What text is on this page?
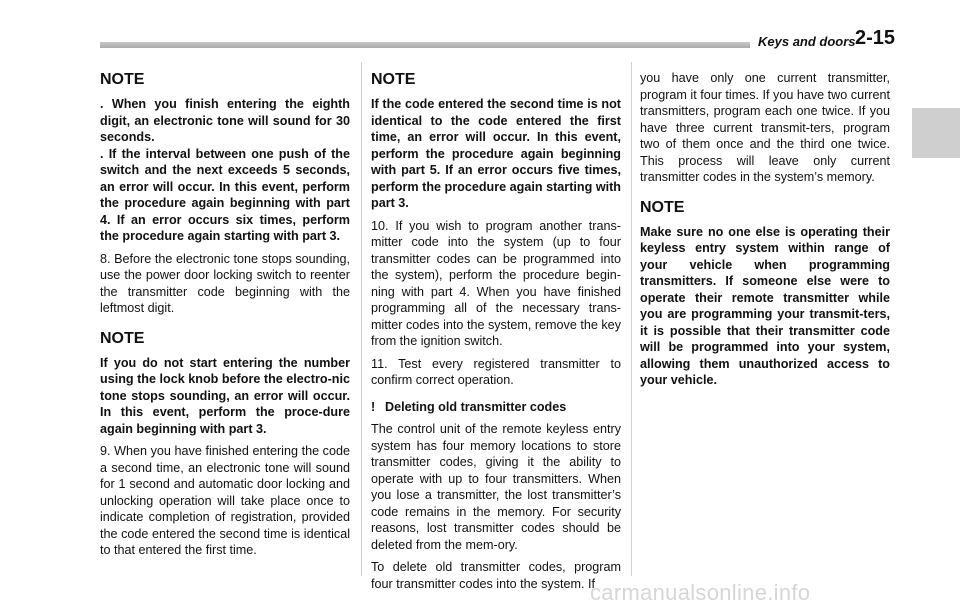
Keys and doors 2-15
NOTE

. When you finish entering the eighth digit, an electronic tone will sound for 30 seconds.

. If the interval between one push of the switch and the next exceeds 5 seconds, an error will occur. In this event, perform the procedure again beginning with part 4. If an error occurs six times, perform the procedure again starting with part 3.

8. Before the electronic tone stops sounding, use the power door locking switch to reenter the transmitter code beginning with the leftmost digit.

NOTE

If you do not start entering the number using the lock knob before the electro-nic tone stops sounding, an error will occur. In this event, perform the proce-dure again beginning with part 3.

9. When you have finished entering the code a second time, an electronic tone will sound for 1 second and automatic door locking and unlocking operation will take place once to indicate completion of registration, provided the code entered the second time is identical to that entered the first time.

NOTE

If the code entered the second time is not identical to the code entered the first time, an error will occur. In this event, perform the procedure again beginning with part 5. If an error occurs five times, perform the procedure again starting with part 3.

10. If you wish to program another trans-mitter code into the system (up to four transmitter codes can be programmed into the system), perform the procedure begin-ning with part 4. When you have finished programming all of the necessary trans-mitter codes into the system, remove the key from the ignition switch.

11. Test every registered transmitter to confirm correct operation.

! Deleting old transmitter codes

The control unit of the remote keyless entry system has four memory locations to store transmitter codes, giving it the ability to operate with up to four transmitters. When you lose a transmitter, the lost transmitter’s code remains in the memory. For security reasons, lost transmitter codes should be deleted from the mem-ory.

To delete old transmitter codes, program four transmitter codes into the system. If

you have only one current transmitter, program it four times. If you have two current transmitters, program each one twice. If you have three current transmit-ters, program two of them once and the third one twice. This process will leave only current transmitter codes in the system’s memory.

NOTE

Make sure no one else is operating their keyless entry system within range of your vehicle when programming transmitters. If someone else were to operate their remote transmitter while you are programming your transmit-ters, it is possible that their transmitter code will be programmed into your system, allowing them unauthorized access to your vehicle.

carmanualsonline.info
